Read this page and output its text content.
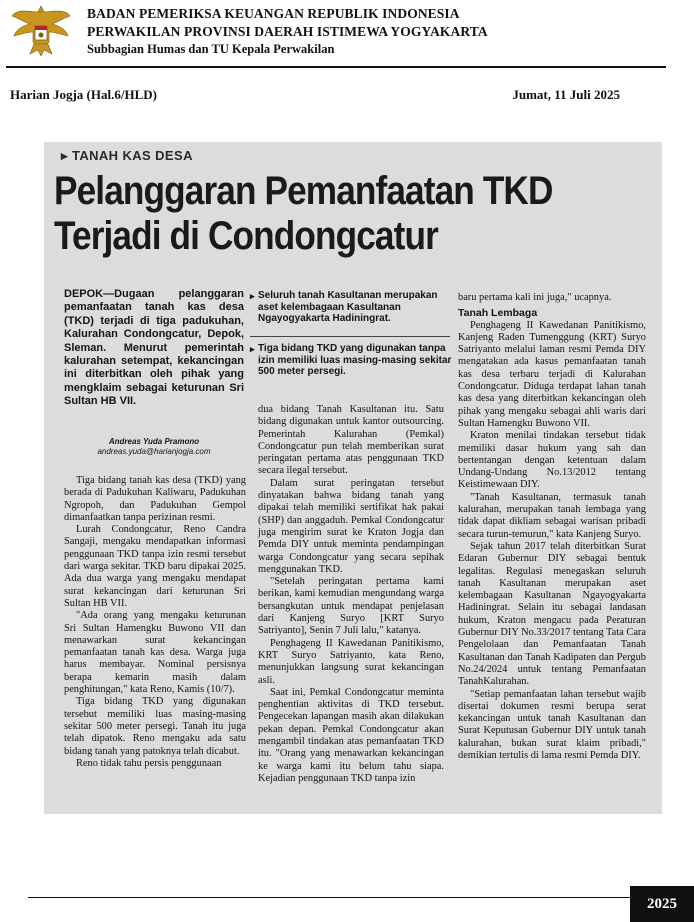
BADAN PEMERIKSA KEUANGAN REPUBLIK INDONESIA
PERWAKILAN PROVINSI DAERAH ISTIMEWA YOGYAKARTA
Subbagian Humas dan TU Kepala Perwakilan
Harian Jogja (Hal.6/HLD)	Jumat, 11 Juli 2025
▸ TANAH KAS DESA
Pelanggaran Pemanfaatan TKD
Terjadi di Condongcatur
DEPOK—Dugaan pelanggaran pemanfaatan tanah kas desa (TKD) terjadi di tiga padukuhan, Kalurahan Condongcatur, Depok, Sleman. Menurut pemerintah kalurahan setempat, kekancingan ini diterbitkan oleh pihak yang mengklaim sebagai keturunan Sri Sultan HB VII.
Andreas Yuda Pramono
andreas.yuda@harianjogja.com
▸ Seluruh tanah Kasultanan merupakan aset kelembagaan Kasultanan Ngayogyakarta Hadiningrat.
▸ Tiga bidang TKD yang digunakan tanpa izin memiliki luas masing-masing sekitar 500 meter persegi.

Tiga bidang tanah kas desa (TKD) yang berada di Padukuhan Kaliwaru, Padukuhan Ngropoh, dan Padukuhan Gempol dimanfaatkan tanpa perizinan resmi.

Lurah Condongcatur, Reno Candra Sangaji, mengaku mendapatkan informasi penggunaan TKD tanpa izin resmi tersebut dari warga sekitar. TKD baru dipakai 2025. Ada dua warga yang mengaku mendapat surat kekancingan dari keturunan Sri Sultan HB VII.

"Ada orang yang mengaku keturunan Sri Sultan Hamengku Buwono VII dan menawarkan surat kekancingan pemanfaatan tanah kas desa. Warga juga harus membayar. Nominal persisnya berapa kemarin masih dalam penghitungan," kata Reno, Kamis (10/7).

Tiga bidang TKD yang digunakan tersebut memiliki luas masing-masing sekitar 500 meter persegi. Tanah itu juga telah dipatok. Reno mengaku ada satu bidang tanah yang patoknya telah dicabut.

Reno tidak tahu persis penggunaan

dua bidang Tanah Kasultanan itu. Satu bidang digunakan untuk kantor outsourcing. Pemerintah Kalurahan (Pemkal) Condongcatur pun telah memberikan surat peringatan pertama atas penggunaan TKD secara ilegal tersebut.

Dalam surat peringatan tersebut dinyatakan bahwa bidang tanah yang dipakai telah memiliki sertifikat hak pakai (SHP) dan anggaduh. Pemkal Condongcatur juga mengirim surat ke Kraton Jogja dan Pemda DIY untuk meminta pendampingan warga Condongcatur yang secara sepihak menggunakan TKD.

"Setelah peringatan pertama kami berikan, kami kemudian mengundang warga bersangkutan untuk mendapat penjelasan dari Kanjeng Suryo [KRT Suryo Satriyanto], Senin 7 Juli lalu," katanya.

Penghageng II Kawedanan Panitikismo, KRT Suryo Satriyanto, kata Reno, menunjukkan langsung surat kekancingan asli.

Saat ini, Pemkal Condongcatur meminta penghentian aktivitas di TKD tersebut. Pengecekan lapangan masih akan dilakukan pekan depan. Pemkal Condongcatur akan mengambil tindakan atas pemanfaatan TKD itu. "Orang yang menawarkan kekancingan ke warga kami itu belum tahu siapa. Kejadian penggunaan TKD tanpa izin

baru pertama kali ini juga," ucapnya.

Tanah Lembaga

Penghageng II Kawedanan Panitikismo, Kanjeng Raden Tumenggung (KRT) Suryo Satriyanto melalui laman resmi Pemda DIY mengatakan ada kasus pemanfaatan tanah kas desa terbaru terjadi di Kalurahan Condongcatur. Diduga terdapat lahan tanah kas desa yang diterbitkan kekancingan oleh pihak yang mengaku sebagai ahli waris dari Sultan Hamengku Buwono VII.

Kraton menilai tindakan tersebut tidak memiliki dasar hukum yang sah dan bertentangan dengan ketentuan dalam Undang-Undang No.13/2012 tentang Keistimewaan DIY.

"Tanah Kasultanan, termasuk tanah kalurahan, merupakan tanah lembaga yang tidak dapat dikliam sebagai warisan pribadi secara turun-temurun," kata Kanjeng Suryo.

Sejak tahun 2017 telah diterbitkan Surat Edaran Gubernur DIY sebagai bentuk legalitas. Regulasi menegaskan seluruh tanah Kasultanan merupakan aset kelembagaan Kasultanan Ngayogyakarta Hadiningrat. Selain itu sebagai landasan hukum, Kraton mengacu pada Peraturan Gubernur DIY No.33/2017 tentang Tata Cara Pengelolaan dan Pemanfaatan Tanah Kasultanan dan Tanah Kadipaten dan Pergub No.24/2024 untuk tentang Pemanfaatan TanahKalurahan.

"Setiap pemanfaatan lahan tersebut wajib disertai dokumen resmi berupa serat kekancingan untuk tanah Kasultanan dan Surat Keputusan Gubernur DIY untuk tanah kalurahan, bukan surat klaim pribadi," demikian tertulis di lama resmi Pemda DIY.

2025
